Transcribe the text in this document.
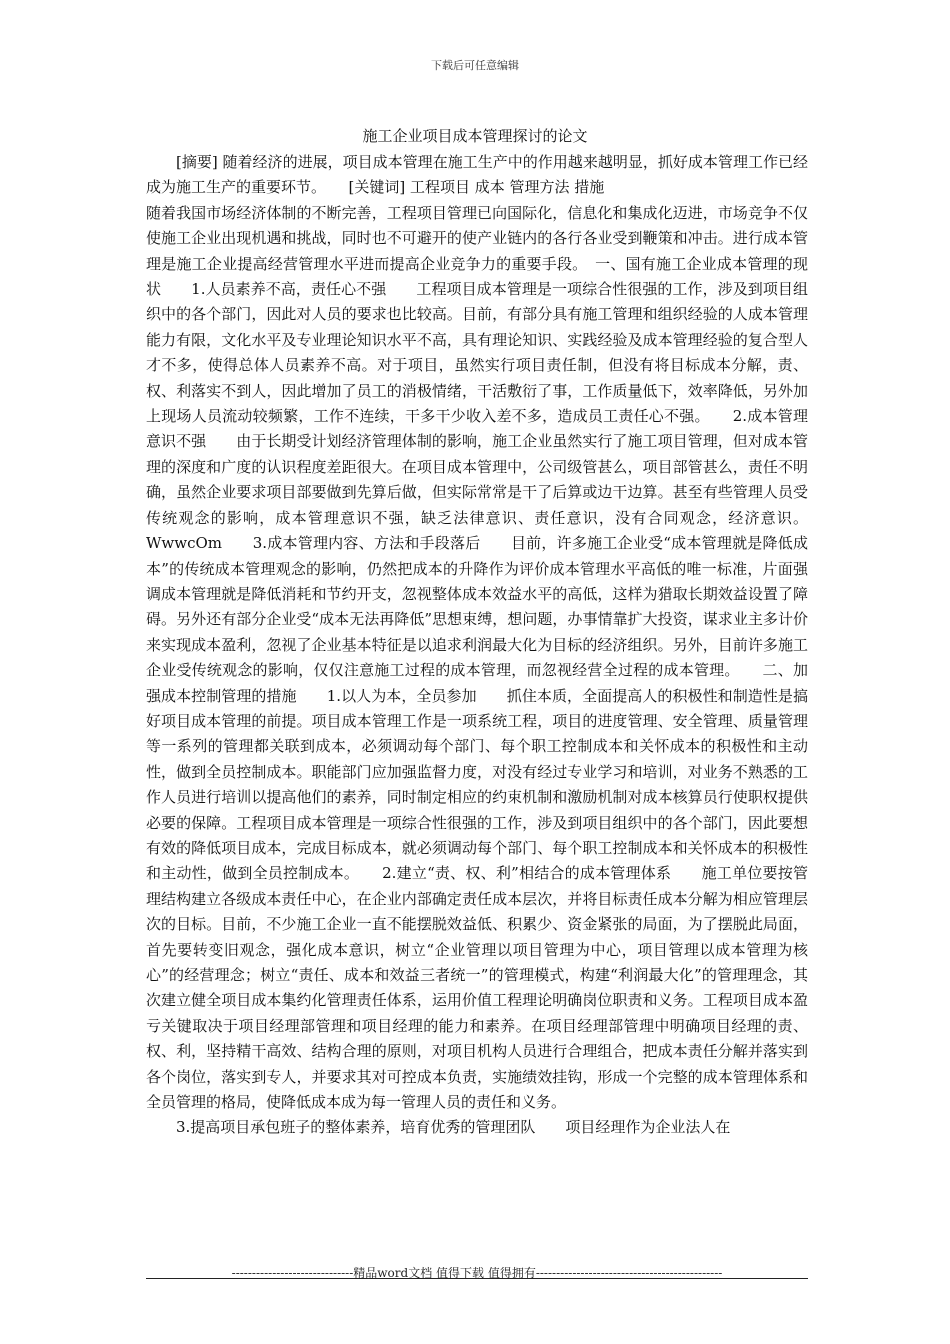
下载后可任意编辑
施工企业项目成本管理探讨的论文

[摘要] 随着经济的进展，项目成本管理在施工生产中的作用越来越明显，抓好成本管理工作已经成为施工生产的重要环节。　　[关键词] 工程项目 成本 管理方法 措施

随着我国市场经济体制的不断完善，工程项目管理已向国际化，信息化和集成化迈进，市场竞争不仅使施工企业出现机遇和挑战，同时也不可避开的使产业链内的各行各业受到鞭策和冲击。进行成本管理是施工企业提高经营管理水平进而提高企业竞争力的重要手段。　一、国有施工企业成本管理的现状　　1.人员素养不高，责任心不强　　工程项目成本管理是一项综合性很强的工作，涉及到项目组织中的各个部门，因此对人员的要求也比较高。目前，有部分具有施工管理和组织经验的人成本管理能力有限，文化水平及专业理论知识水平不高，具有理论知识、实践经验及成本管理经验的复合型人才不多，使得总体人员素养不高。对于项目，虽然实行项目责任制，但没有将目标成本分解，责、权、利落实不到人，因此增加了员工的消极情绪，干活敷衍了事，工作质量低下，效率降低，另外加上现场人员流动较频繁，工作不连续，干多干少收入差不多，造成员工责任心不强。　　2.成本管理意识不强　　由于长期受计划经济管理体制的影响，施工企业虽然实行了施工项目管理，但对成本管理的深度和广度的认识程度差距很大。在项目成本管理中，公司级管甚么，项目部管甚么，责任不明确，虽然企业要求项目部要做到先算后做，但实际常常是干了后算或边干边算。甚至有些管理人员受传统观念的影响，成本管理意识不强，缺乏法律意识、责任意识，没有合同观念，经济意识。WwwcOm　　3.成本管理内容、方法和手段落后　　目前，许多施工企业受“成本管理就是降低成本”的传统成本管理观念的影响，仍然把成本的升降作为评价成本管理水平高低的唯一标准，片面强调成本管理就是降低消耗和节约开支，忽视整体成本效益水平的高低，这样为猎取长期效益设置了障碍。另外还有部分企业受“成本无法再降低”思想束缚，想问题，办事情靠扩大投资，谋求业主多计价来实现成本盈利，忽视了企业基本特征是以追求利润最大化为目标的经济组织。另外，目前许多施工企业受传统观念的影响，仅仅注意施工过程的成本管理，而忽视经营全过程的成本管理。　　二、加强成本控制管理的措施　　1.以人为本，全员参加　　抓住本质，全面提高人的积极性和制造性是搞好项目成本管理的前提。项目成本管理工作是一项系统工程，项目的进度管理、安全管理、质量管理等一系列的管理都关联到成本，必须调动每个部门、每个职工控制成本和关怀成本的积极性和主动性，做到全员控制成本。职能部门应加强监督力度，对没有经过专业学习和培训，对业务不熟悉的工作人员进行培训以提高他们的素养，同时制定相应的约束机制和激励机制对成本核算员行使职权提供必要的保障。工程项目成本管理是一项综合性很强的工作，涉及到项目组织中的各个部门，因此要想有效的降低项目成本，完成目标成本，就必须调动每个部门、每个职工控制成本和关怀成本的积极性和主动性，做到全员控制成本。　　2.建立“责、权、利”相结合的成本管理体系　　施工单位要按管理结构建立各级成本责任中心，在企业内部确定责任成本层次，并将目标责任成本分解为相应管理层次的目标。目前，不少施工企业一直不能摆脱效益低、积累少、资金紧张的局面，为了摆脱此局面，首先要转变旧观念，强化成本意识，树立“企业管理以项目管理为中心，项目管理以成本管理为核心”的经营理念；树立“责任、成本和效益三者统一”的管理模式，构建“利润最大化”的管理理念，其次建立健全项目成本集约化管理责任体系，运用价值工程理论明确岗位职责和义务。工程项目成本盈亏关键取决于项目经理部管理和项目经理的能力和素养。在项目经理部管理中明确项目经理的责、权、利，坚持精干高效、结构合理的原则，对项目机构人员进行合理组合，把成本责任分解并落实到各个岗位，落实到专人，并要求其对可控成本负责，实施绩效挂钩，形成一个完整的成本管理体系和全员管理的格局，使降低成本成为每一管理人员的责任和义务。

3.提高项目承包班子的整体素养，培育优秀的管理团队　　项目经理作为企业法人在

------------------------------精品word文档 值得下载 值得拥有----------------------------------------------
